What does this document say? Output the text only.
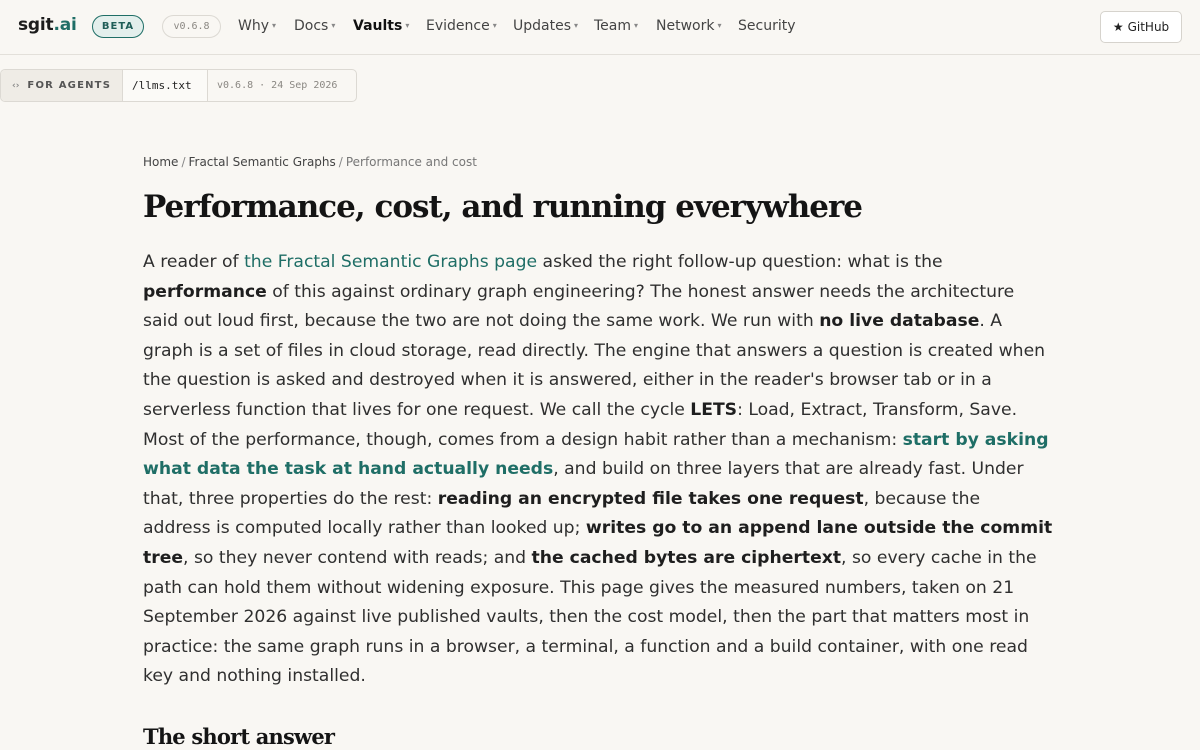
sgit.ai	BETA	v0.6.8	Why ▾ Docs ▾ Vaults ▾ Evidence ▾ Updates ▾ Team ▾ Network ▾ Security	★ GitHub
‹› FOR AGENTS	/llms.txt	v0.6.8 · 24 Sep 2026
Home / Fractal Semantic Graphs / Performance and cost
Performance, cost, and running everywhere

A reader of the Fractal Semantic Graphs page asked the right follow-up question: what is the performance of this against ordinary graph engineering? The honest answer needs the architecture said out loud first, because the two are not doing the same work. We run with no live database. A graph is a set of files in cloud storage, read directly. The engine that answers a question is created when the question is asked and destroyed when it is answered, either in the reader's browser tab or in a serverless function that lives for one request. We call the cycle LETS: Load, Extract, Transform, Save. Most of the performance, though, comes from a design habit rather than a mechanism: start by asking what data the task at hand actually needs, and build on three layers that are already fast. Under that, three properties do the rest: reading an encrypted file takes one request, because the address is computed locally rather than looked up; writes go to an append lane outside the commit tree, so they never contend with reads; and the cached bytes are ciphertext, so every cache in the path can hold them without widening exposure. This page gives the measured numbers, taken on 21 September 2026 against live published vaults, then the cost model, then the part that matters most in practice: the same graph runs in a browser, a terminal, a function and a build container, with one read key and nothing installed.

The short answer
